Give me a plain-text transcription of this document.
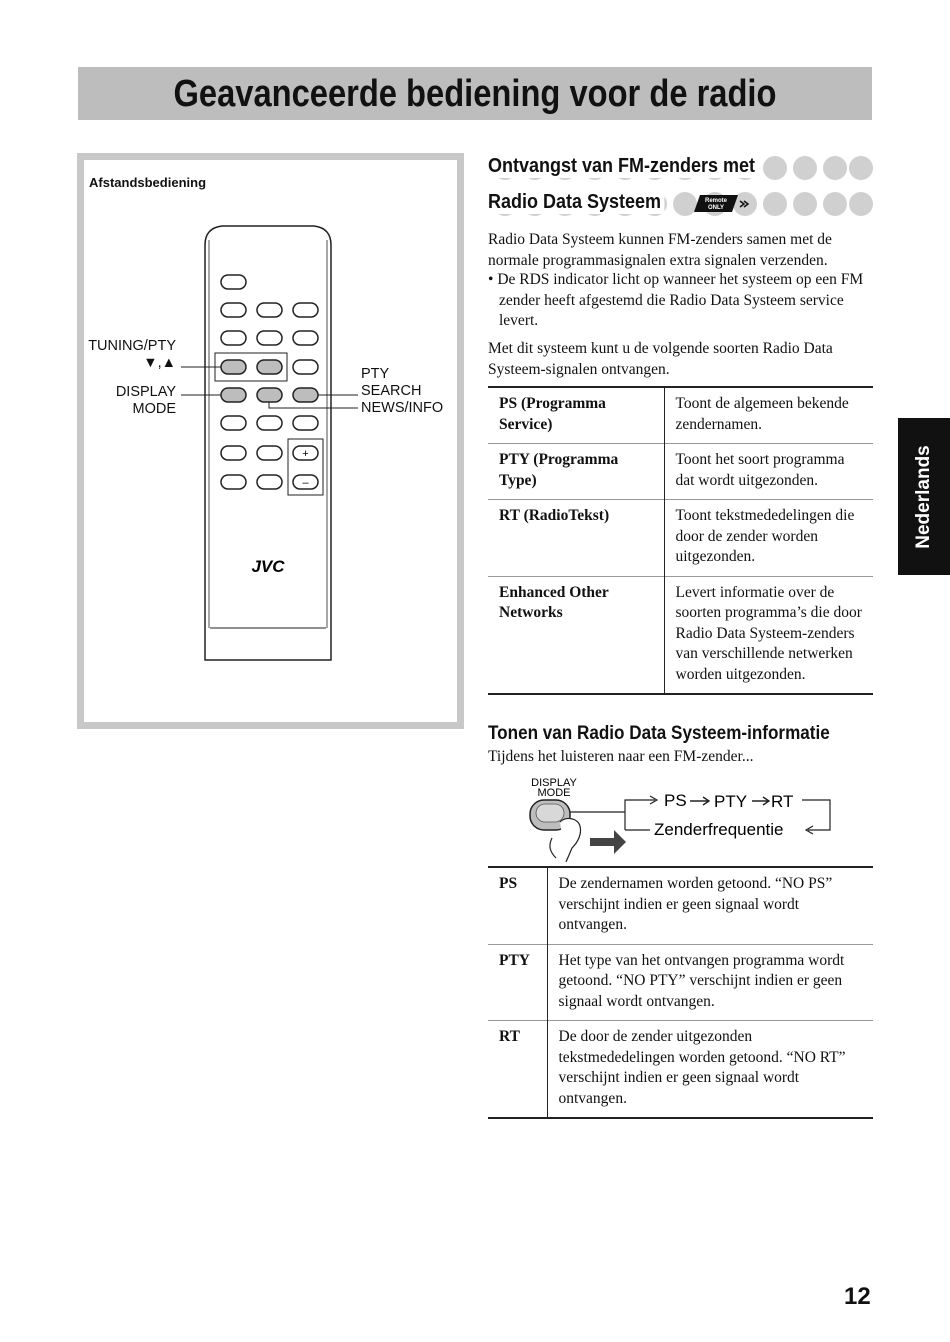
Geavanceerde bediening voor de radio
Afstandsbediening
+
–
JVC
TUNING/PTY
▼,▲
DISPLAY
MODE
PTY
SEARCH
NEWS/INFO
Remote
ONLY
Ontvangst van FM-zenders met
Radio Data Systeem
Radio Data Systeem kunnen FM-zenders samen met de normale programmasignalen extra signalen verzenden.
• De RDS indicator licht op wanneer het systeem op een FM zender heeft afgestemd die Radio Data Systeem service levert.
Met dit systeem kunt u de volgende soorten Radio Data Systeem-signalen ontvangen.
PS (Programma Service)	Toont de algemeen bekende zendernamen.
PTY (Programma Type)	Toont het soort programma dat wordt uitgezonden.
RT (RadioTekst)	Toont tekstmededelingen die door de zender worden uitgezonden.
Enhanced Other Networks	Levert informatie over de soorten programma’s die door Radio Data Systeem-zenders van verschillende netwerken worden uitgezonden.
Tonen van Radio Data Systeem-informatie
Tijdens het luisteren naar een FM-zender...
DISPLAY
MODE	PS PTY RT
Zenderfrequentie
PS	De zendernamen worden getoond. “NO PS” verschijnt indien er geen signaal wordt ontvangen.
PTY	Het type van het ontvangen programma wordt getoond. “NO PTY” verschijnt indien er geen signaal wordt ontvangen.
RT	De door de zender uitgezonden tekstmededelingen worden getoond. “NO RT” verschijnt indien er geen signaal wordt ontvangen.
Nederlands
12
